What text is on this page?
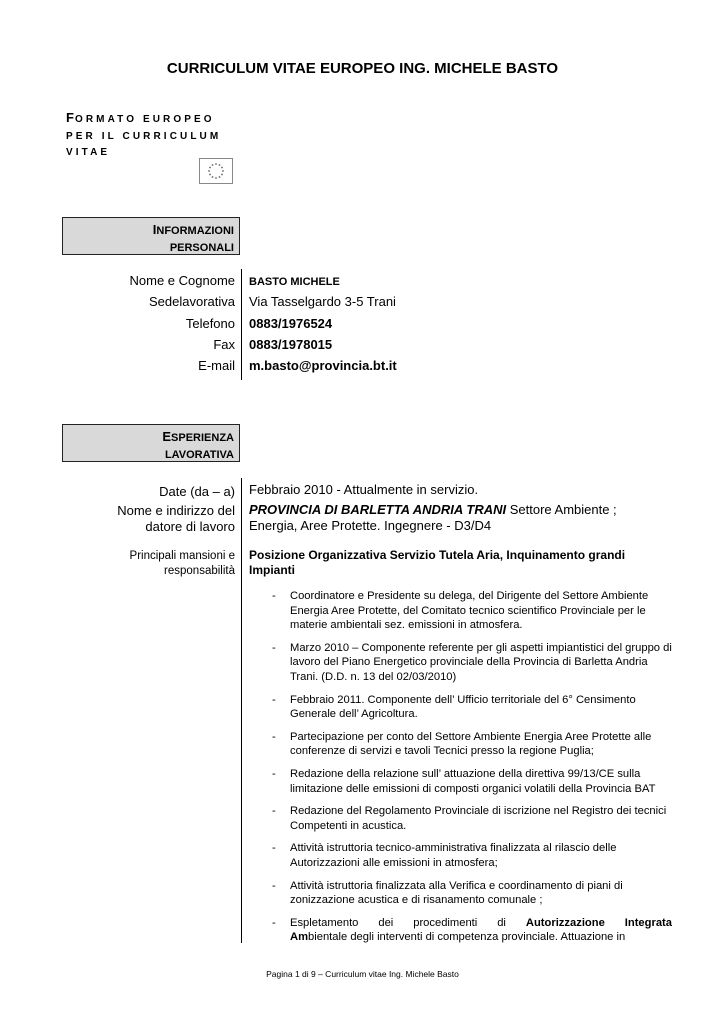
CURRICULUM VITAE EUROPEO ING. MICHELE BASTO
FORMATO EUROPEO
PER IL CURRICULUM
VITAE
INFORMAZIONI
PERSONALI
Nome e Cognome BASTO MICHELE
Sedelavorativa Via Tasselgardo 3-5 Trani
Telefono 0883/1976524
Fax 0883/1978015
E-mail m.basto@provincia.bt.it
ESPERIENZA
LAVORATIVA
Date (da – a) Febbraio 2010 - Attualmente in servizio.
Nome e indirizzo del
datore di lavoro
PROVINCIA DI BARLETTA ANDRIA TRANI Settore Ambiente ;
Energia, Aree Protette. Ingegnere - D3/D4
Principali mansioni e
responsabilità
Posizione Organizzativa Servizio Tutela Aria, Inquinamento grandi
Impianti
- Coordinatore e Presidente su delega, del Dirigente del Settore Ambiente Energia Aree Protette, del Comitato tecnico scientifico Provinciale per le materie ambientali sez. emissioni in atmosfera.
- Marzo 2010 – Componente referente per gli aspetti impiantistici del gruppo di lavoro del Piano Energetico provinciale della Provincia di Barletta Andria Trani. (D.D. n. 13 del 02/03/2010)
- Febbraio 2011. Componente dell’ Ufficio territoriale del 6° Censimento Generale dell’ Agricoltura.
- Partecipazione per conto del Settore Ambiente Energia Aree Protette alle conferenze di servizi e tavoli Tecnici presso la regione Puglia;
- Redazione della relazione sull’ attuazione della direttiva 99/13/CE sulla limitazione delle emissioni di composti organici volatili della Provincia BAT
- Redazione del Regolamento Provinciale di iscrizione nel Registro dei tecnici Competenti in acustica.
- Attività istruttoria tecnico-amministrativa finalizzata al rilascio delle Autorizzazioni alle emissioni in atmosfera;
- Attività istruttoria finalizzata alla Verifica e coordinamento di piani di zonizzazione acustica e di risanamento comunale ;
- Espletamento dei procedimenti di Autorizzazione Integrata
Ambientale degli interventi di competenza provinciale. Attuazione in
Pagina 1 di 9 – Curriculum vitae Ing. Michele Basto
